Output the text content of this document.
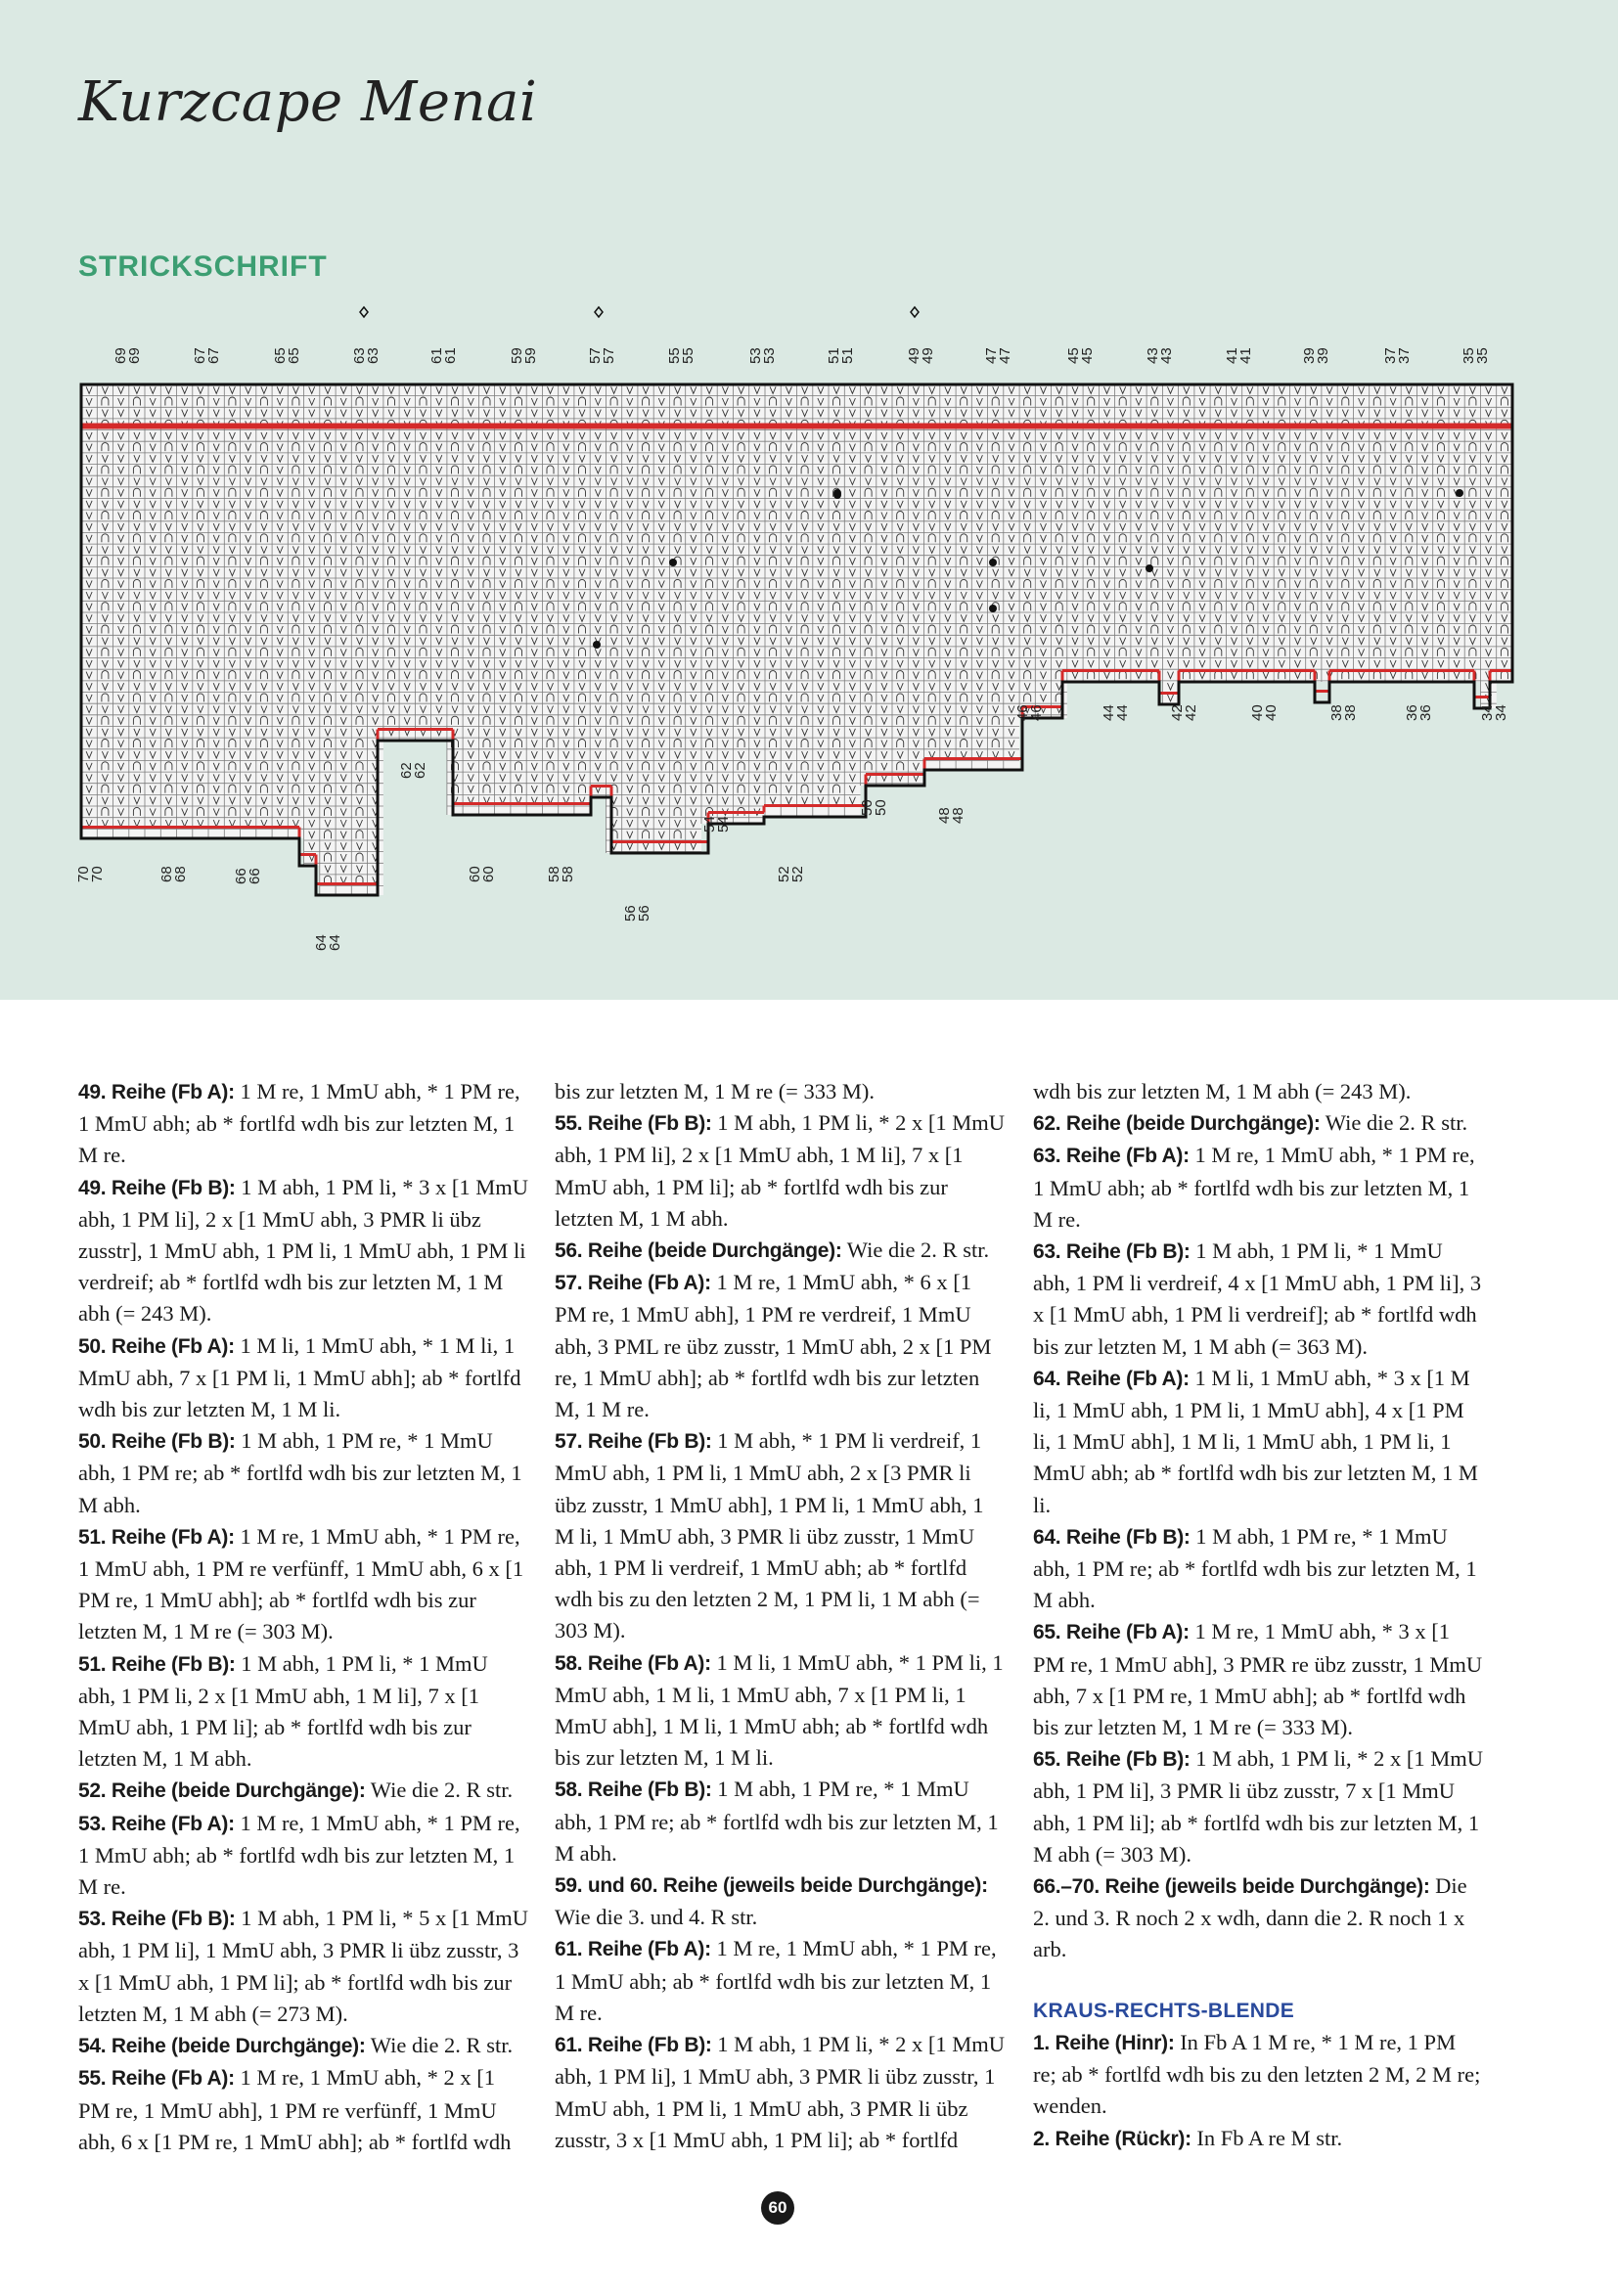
Kurzcape Menai
STRICKSCHRIFT
69
69	67
67	65
65	63
63	61
61	59
59	57
57	55
55	53
53	51
51	49
49	47
47	45
45	43
43	41
41	39
39	37
37	35
35
70
70	68
68	66
66
64
64
62
62
60
60	58
58
56
56
54
54
52
52
50
50	48
48
46
46	44
44	42
42	40
40	38
38	36
36	34
34

49. Reihe (Fb A): 1 M re, 1 MmU abh, * 1 PM re, 1 MmU abh; ab * fortlfd wdh bis zur letzten M, 1 M re.

49. Reihe (Fb B): 1 M abh, 1 PM li, * 3 x [1 MmU abh, 1 PM li], 2 x [1 MmU abh, 3 PMR li übz zusstr], 1 MmU abh, 1 PM li, 1 MmU abh, 1 PM li verdreif; ab * fortlfd wdh bis zur letzten M, 1 M abh (= 243 M).

50. Reihe (Fb A): 1 M li, 1 MmU abh, * 1 M li, 1 MmU abh, 7 x [1 PM li, 1 MmU abh]; ab * fortlfd wdh bis zur letzten M, 1 M li.

50. Reihe (Fb B): 1 M abh, 1 PM re, * 1 MmU abh, 1 PM re; ab * fortlfd wdh bis zur letzten M, 1 M abh.

51. Reihe (Fb A): 1 M re, 1 MmU abh, * 1 PM re, 1 MmU abh, 1 PM re verfünff, 1 MmU abh, 6 x [1 PM re, 1 MmU abh]; ab * fortlfd wdh bis zur letzten M, 1 M re (= 303 M).

51. Reihe (Fb B): 1 M abh, 1 PM li, * 1 MmU abh, 1 PM li, 2 x [1 MmU abh, 1 M li], 7 x [1 MmU abh, 1 PM li]; ab * fortlfd wdh bis zur letzten M, 1 M abh.

52. Reihe (beide Durchgänge): Wie die 2. R str.

53. Reihe (Fb A): 1 M re, 1 MmU abh, * 1 PM re, 1 MmU abh; ab * fortlfd wdh bis zur letzten M, 1 M re.

53. Reihe (Fb B): 1 M abh, 1 PM li, * 5 x [1 MmU abh, 1 PM li], 1 MmU abh, 3 PMR li übz zusstr, 3 x [1 MmU abh, 1 PM li]; ab * fortlfd wdh bis zur letzten M, 1 M abh (= 273 M).

54. Reihe (beide Durchgänge): Wie die 2. R str.

55. Reihe (Fb A): 1 M re, 1 MmU abh, * 2 x [1 PM re, 1 MmU abh], 1 PM re verfünff, 1 MmU abh, 6 x [1 PM re, 1 MmU abh]; ab * fortlfd wdh

bis zur letzten M, 1 M re (= 333 M).

55. Reihe (Fb B): 1 M abh, 1 PM li, * 2 x [1 MmU abh, 1 PM li], 2 x [1 MmU abh, 1 M li], 7 x [1 MmU abh, 1 PM li]; ab * fortlfd wdh bis zur letzten M, 1 M abh.

56. Reihe (beide Durchgänge): Wie die 2. R str.

57. Reihe (Fb A): 1 M re, 1 MmU abh, * 6 x [1 PM re, 1 MmU abh], 1 PM re verdreif, 1 MmU abh, 3 PML re übz zusstr, 1 MmU abh, 2 x [1 PM re, 1 MmU abh]; ab * fortlfd wdh bis zur letzten M, 1 M re.

57. Reihe (Fb B): 1 M abh, * 1 PM li verdreif, 1 MmU abh, 1 PM li, 1 MmU abh, 2 x [3 PMR li übz zusstr, 1 MmU abh], 1 PM li, 1 MmU abh, 1 M li, 1 MmU abh, 3 PMR li übz zusstr, 1 MmU abh, 1 PM li verdreif, 1 MmU abh; ab * fortlfd wdh bis zu den letzten 2 M, 1 PM li, 1 M abh (= 303 M).

58. Reihe (Fb A): 1 M li, 1 MmU abh, * 1 PM li, 1 MmU abh, 1 M li, 1 MmU abh, 7 x [1 PM li, 1 MmU abh], 1 M li, 1 MmU abh; ab * fortlfd wdh bis zur letzten M, 1 M li.

58. Reihe (Fb B): 1 M abh, 1 PM re, * 1 MmU abh, 1 PM re; ab * fortlfd wdh bis zur letzten M, 1 M abh.

59. und 60. Reihe (jeweils beide Durchgänge): Wie die 3. und 4. R str.

61. Reihe (Fb A): 1 M re, 1 MmU abh, * 1 PM re, 1 MmU abh; ab * fortlfd wdh bis zur letzten M, 1 M re.

61. Reihe (Fb B): 1 M abh, 1 PM li, * 2 x [1 MmU abh, 1 PM li], 1 MmU abh, 3 PMR li übz zusstr, 1 MmU abh, 1 PM li, 1 MmU abh, 3 PMR li übz zusstr, 3 x [1 MmU abh, 1 PM li]; ab * fortlfd

wdh bis zur letzten M, 1 M abh (= 243 M).

62. Reihe (beide Durchgänge): Wie die 2. R str.

63. Reihe (Fb A): 1 M re, 1 MmU abh, * 1 PM re, 1 MmU abh; ab * fortlfd wdh bis zur letzten M, 1 M re.

63. Reihe (Fb B): 1 M abh, 1 PM li, * 1 MmU abh, 1 PM li verdreif, 4 x [1 MmU abh, 1 PM li], 3 x [1 MmU abh, 1 PM li verdreif]; ab * fortlfd wdh bis zur letzten M, 1 M abh (= 363 M).

64. Reihe (Fb A): 1 M li, 1 MmU abh, * 3 x [1 M li, 1 MmU abh, 1 PM li, 1 MmU abh], 4 x [1 PM li, 1 MmU abh], 1 M li, 1 MmU abh, 1 PM li, 1 MmU abh; ab * fortlfd wdh bis zur letzten M, 1 M li.

64. Reihe (Fb B): 1 M abh, 1 PM re, * 1 MmU abh, 1 PM re; ab * fortlfd wdh bis zur letzten M, 1 M abh.

65. Reihe (Fb A): 1 M re, 1 MmU abh, * 3 x [1 PM re, 1 MmU abh], 3 PMR re übz zusstr, 1 MmU abh, 7 x [1 PM re, 1 MmU abh]; ab * fortlfd wdh bis zur letzten M, 1 M re (= 333 M).

65. Reihe (Fb B): 1 M abh, 1 PM li, * 2 x [1 MmU abh, 1 PM li], 3 PMR li übz zusstr, 7 x [1 MmU abh, 1 PM li]; ab * fortlfd wdh bis zur letzten M, 1 M abh (= 303 M).

66.–70. Reihe (jeweils beide Durchgänge): Die 2. und 3. R noch 2 x wdh, dann die 2. R noch 1 x arb.

KRAUS-RECHTS-BLENDE

1. Reihe (Hinr): In Fb A 1 M re, * 1 M re, 1 PM re; ab * fortlfd wdh bis zu den letzten 2 M, 2 M re; wenden.

2. Reihe (Rückr): In Fb A re M str.

60
